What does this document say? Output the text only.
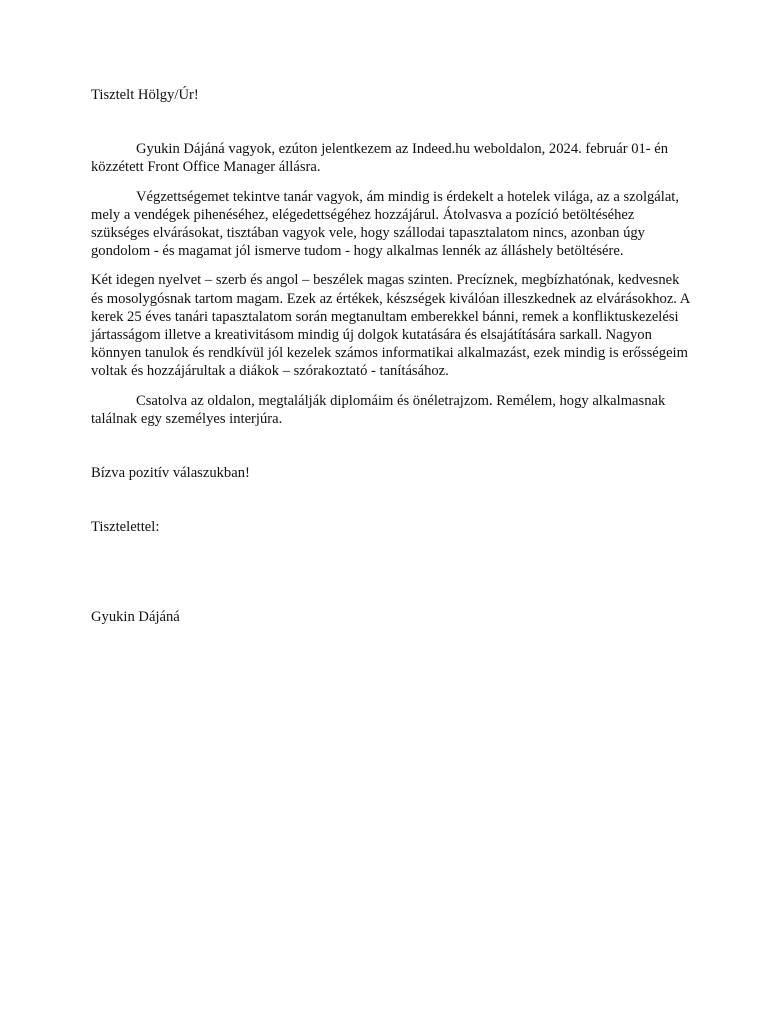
Tisztelt Hölgy/Úr!

Gyukin Dájáná vagyok, ezúton jelentkezem az Indeed.hu weboldalon, 2024. február 01- én közzétett Front Office Manager állásra.

Végzettségemet tekintve tanár vagyok, ám mindig is érdekelt a hotelek világa, az a szolgálat, mely a vendégek pihenéséhez, elégedettségéhez hozzájárul. Átolvasva a pozíció betöltéséhez szükséges elvárásokat, tisztában vagyok vele, hogy szállodai tapasztalatom nincs, azonban úgy gondolom - és magamat jól ismerve tudom - hogy alkalmas lennék az álláshely betöltésére.

Két idegen nyelvet – szerb és angol – beszélek magas szinten. Precíznek, megbízhatónak, kedvesnek és mosolygósnak tartom magam. Ezek az értékek, készségek kiválóan illeszkednek az elvárásokhoz. A kerek 25 éves tanári tapasztalatom során megtanultam emberekkel bánni, remek a konfliktuskezelési jártasságom illetve a kreativitásom mindig új dolgok kutatására és elsajátítására sarkall. Nagyon könnyen tanulok és rendkívül jól kezelek számos informatikai alkalmazást, ezek mindig is erősségeim voltak és hozzájárultak a diákok – szórakoztató - tanításához.

Csatolva az oldalon, megtalálják diplomáim és önéletrajzom. Remélem, hogy alkalmasnak találnak egy személyes interjúra.

Bízva pozitív válaszukban!

Tisztelettel:

Gyukin Dájáná
